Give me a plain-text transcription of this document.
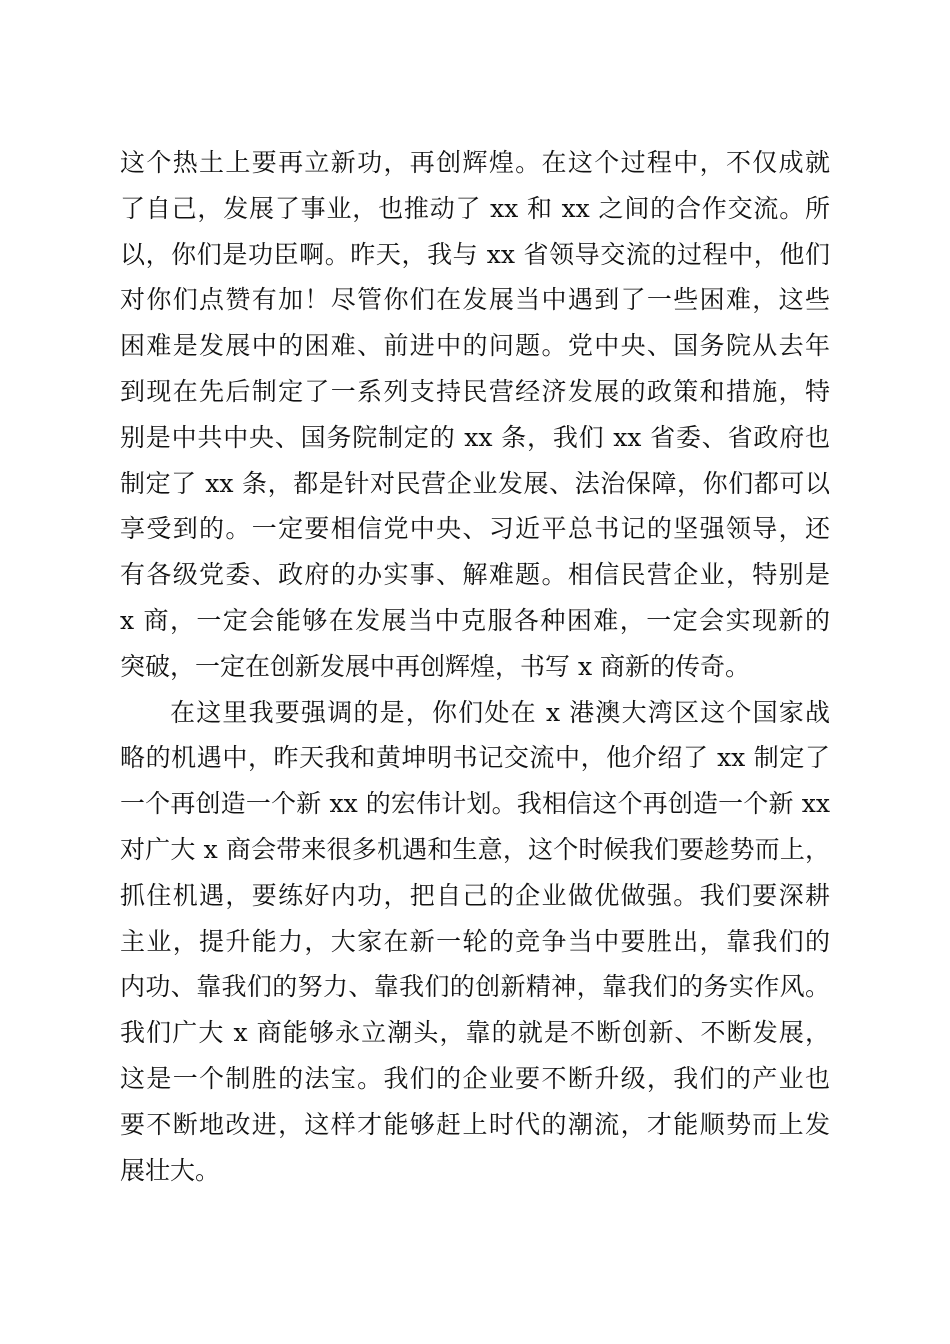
这个热土上要再立新功，再创辉煌。在这个过程中，不仅成就
了自己，发展了事业，也推动了 xx 和 xx 之间的合作交流。所
以，你们是功臣啊。昨天，我与 xx 省领导交流的过程中，他们
对你们点赞有加！尽管你们在发展当中遇到了一些困难，这些
困难是发展中的困难、前进中的问题。党中央、国务院从去年
到现在先后制定了一系列支持民营经济发展的政策和措施，特
别是中共中央、国务院制定的 xx 条，我们 xx 省委、省政府也
制定了 xx 条，都是针对民营企业发展、法治保障，你们都可以
享受到的。一定要相信党中央、习近平总书记的坚强领导，还
有各级党委、政府的办实事、解难题。相信民营企业，特别是
x 商，一定会能够在发展当中克服各种困难，一定会实现新的
突破，一定在创新发展中再创辉煌，书写 x 商新的传奇。
在这里我要强调的是，你们处在 x 港澳大湾区这个国家战
略的机遇中，昨天我和黄坤明书记交流中，他介绍了 xx 制定了
一个再创造一个新 xx 的宏伟计划。我相信这个再创造一个新 xx
对广大 x 商会带来很多机遇和生意，这个时候我们要趁势而上，
抓住机遇，要练好内功，把自己的企业做优做强。我们要深耕
主业，提升能力，大家在新一轮的竞争当中要胜出，靠我们的
内功、靠我们的努力、靠我们的创新精神，靠我们的务实作风。
我们广大 x 商能够永立潮头，靠的就是不断创新、不断发展，
这是一个制胜的法宝。我们的企业要不断升级，我们的产业也
要不断地改进，这样才能够赶上时代的潮流，才能顺势而上发
展壮大。
